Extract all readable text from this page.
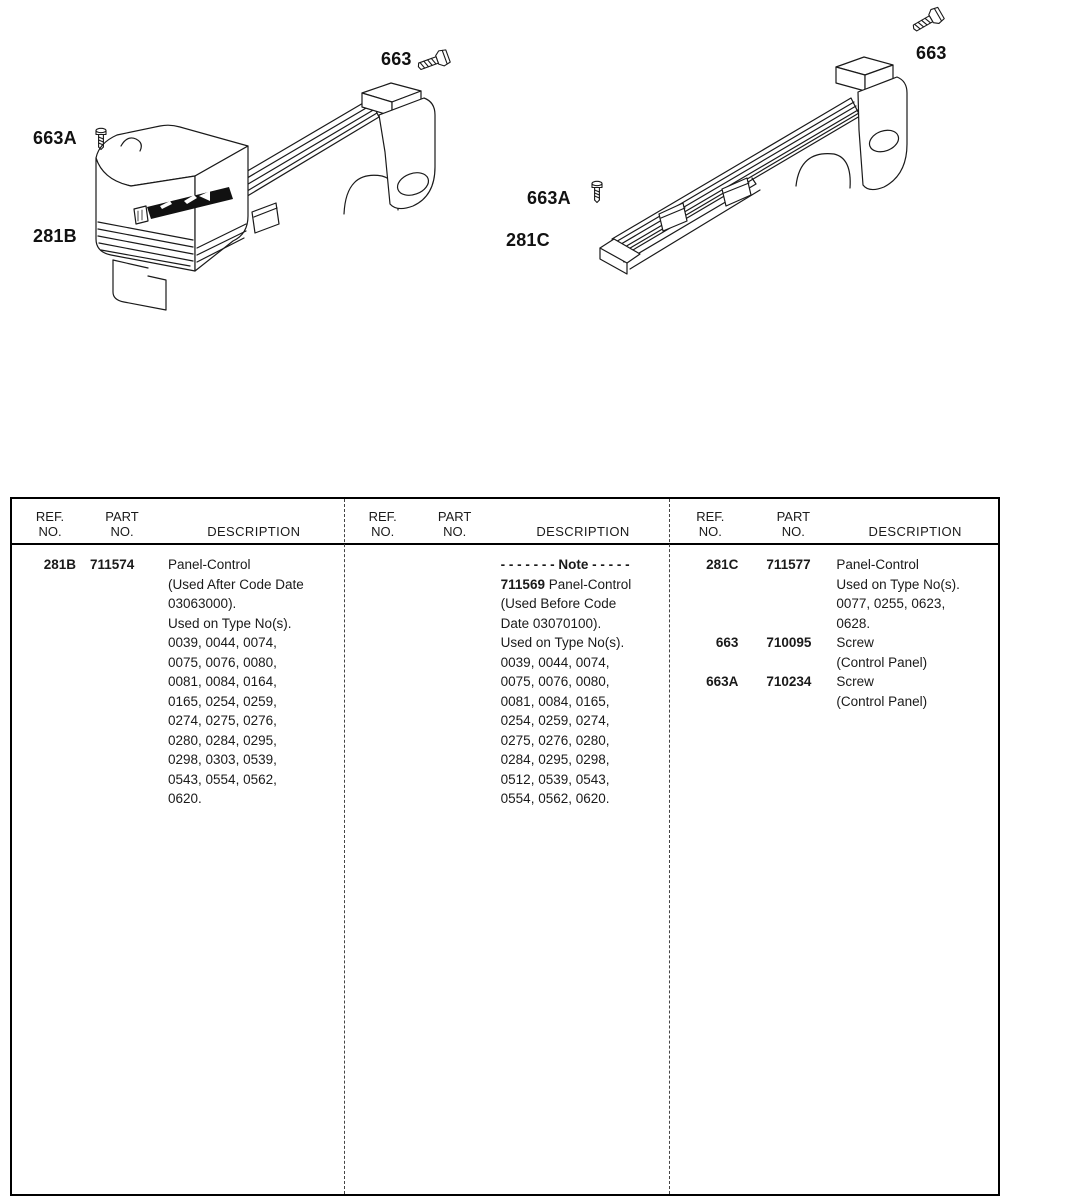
663
663A
281B
663
663A
281C
REF.
NO.
PART
NO.	DESCRIPTION
281B 711574	Panel-Control
(Used After Code Date
03063000).
Used on Type No(s).
0039, 0044, 0074,
0075, 0076, 0080,
0081, 0084, 0164,
0165, 0254, 0259,
0274, 0275, 0276,
0280, 0284, 0295,
0298, 0303, 0539,
0543, 0554, 0562,
0620.
REF.
NO.
PART
NO.	DESCRIPTION
- - - - - - - Note - - - - -
711569 Panel-Control
(Used Before Code
Date 03070100).
Used on Type No(s).
0039, 0044, 0074,
0075, 0076, 0080,
0081, 0084, 0165,
0254, 0259, 0274,
0275, 0276, 0280,
0284, 0295, 0298,
0512, 0539, 0543,
0554, 0562, 0620.
REF.
NO.
PART
NO.	DESCRIPTION
281C 711577	Panel-Control
Used on Type No(s).
0077, 0255, 0623,
0628.
663 710095	Screw
(Control Panel)
663A 710234	Screw
(Control Panel)
